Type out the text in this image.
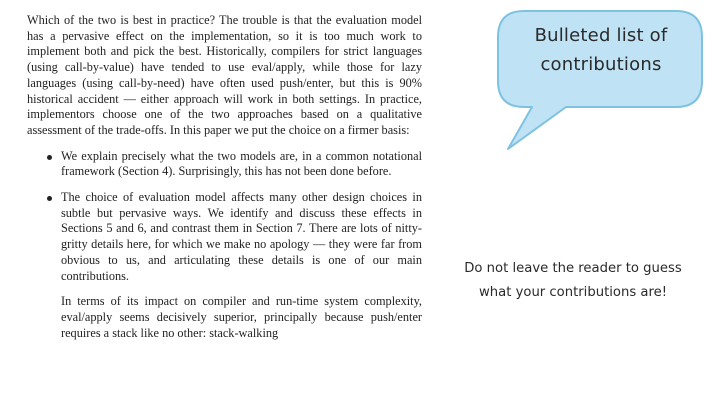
Which of the two is best in practice? The trouble is that the evaluation model has a pervasive effect on the implementation, so it is too much work to implement both and pick the best. Historically, compilers for strict languages (using call-by-value) have tended to use eval/apply, while those for lazy languages (using call-by-need) have often used push/enter, but this is 90% historical accident — either approach will work in both settings. In practice, implementors choose one of the two approaches based on a qualitative assessment of the trade-offs. In this paper we put the choice on a firmer basis:

We explain precisely what the two models are, in a common notational framework (Section 4). Surprisingly, this has not been done before.
The choice of evaluation model affects many other design choices in subtle but pervasive ways. We identify and discuss these effects in Sections 5 and 6, and contrast them in Section 7. There are lots of nitty-gritty details here, for which we make no apology — they were far from obvious to us, and articulating these details is one of our main contributions.

In terms of its impact on compiler and run-time system complexity, eval/apply seems decisively superior, principally because push/enter requires a stack like no other: stack-walking

Bulleted list of contributions
Do not leave the reader to guess what your contributions are!
